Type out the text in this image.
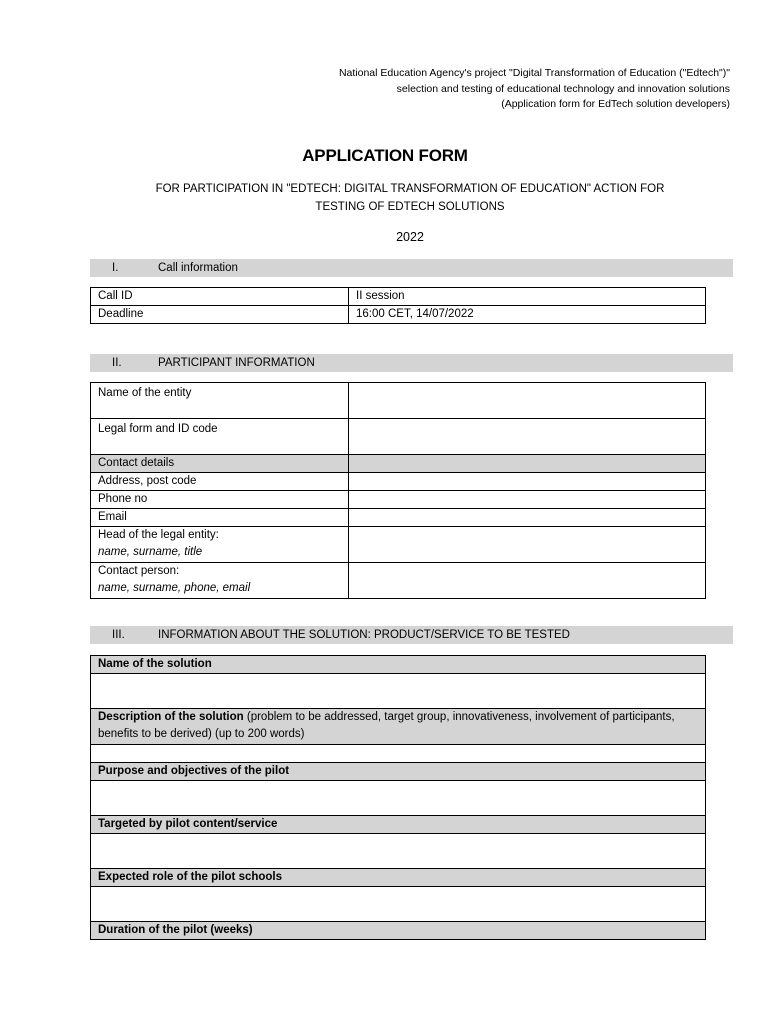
National Education Agency's project "Digital Transformation of Education ("Edtech")"
selection and testing of educational technology and innovation solutions
(Application form for EdTech solution developers)
APPLICATION FORM
FOR PARTICIPATION IN "EDTECH: DIGITAL TRANSFORMATION OF EDUCATION" ACTION FOR
TESTING OF EDTECH SOLUTIONS
2022
I.	Call information
Call ID	II session
Deadline	16:00 CET, 14/07/2022
II.	PARTICIPANT INFORMATION
Name of the entity	
Legal form and ID code	
Contact details	
Address, post code	
Phone no	
Email	

Head of the legal entity:
name, surname, title	

Contact person:
name, surname, phone, email	

III.	INFORMATION ABOUT THE SOLUTION: PRODUCT/SERVICE TO BE TESTED
Name of the solution

Description of the solution (problem to be addressed, target group, innovativeness, involvement of participants, benefits to be derived) (up to 200 words)

Purpose and objectives of the pilot

Targeted by pilot content/service

Expected role of the pilot schools

Duration of the pilot (weeks)
